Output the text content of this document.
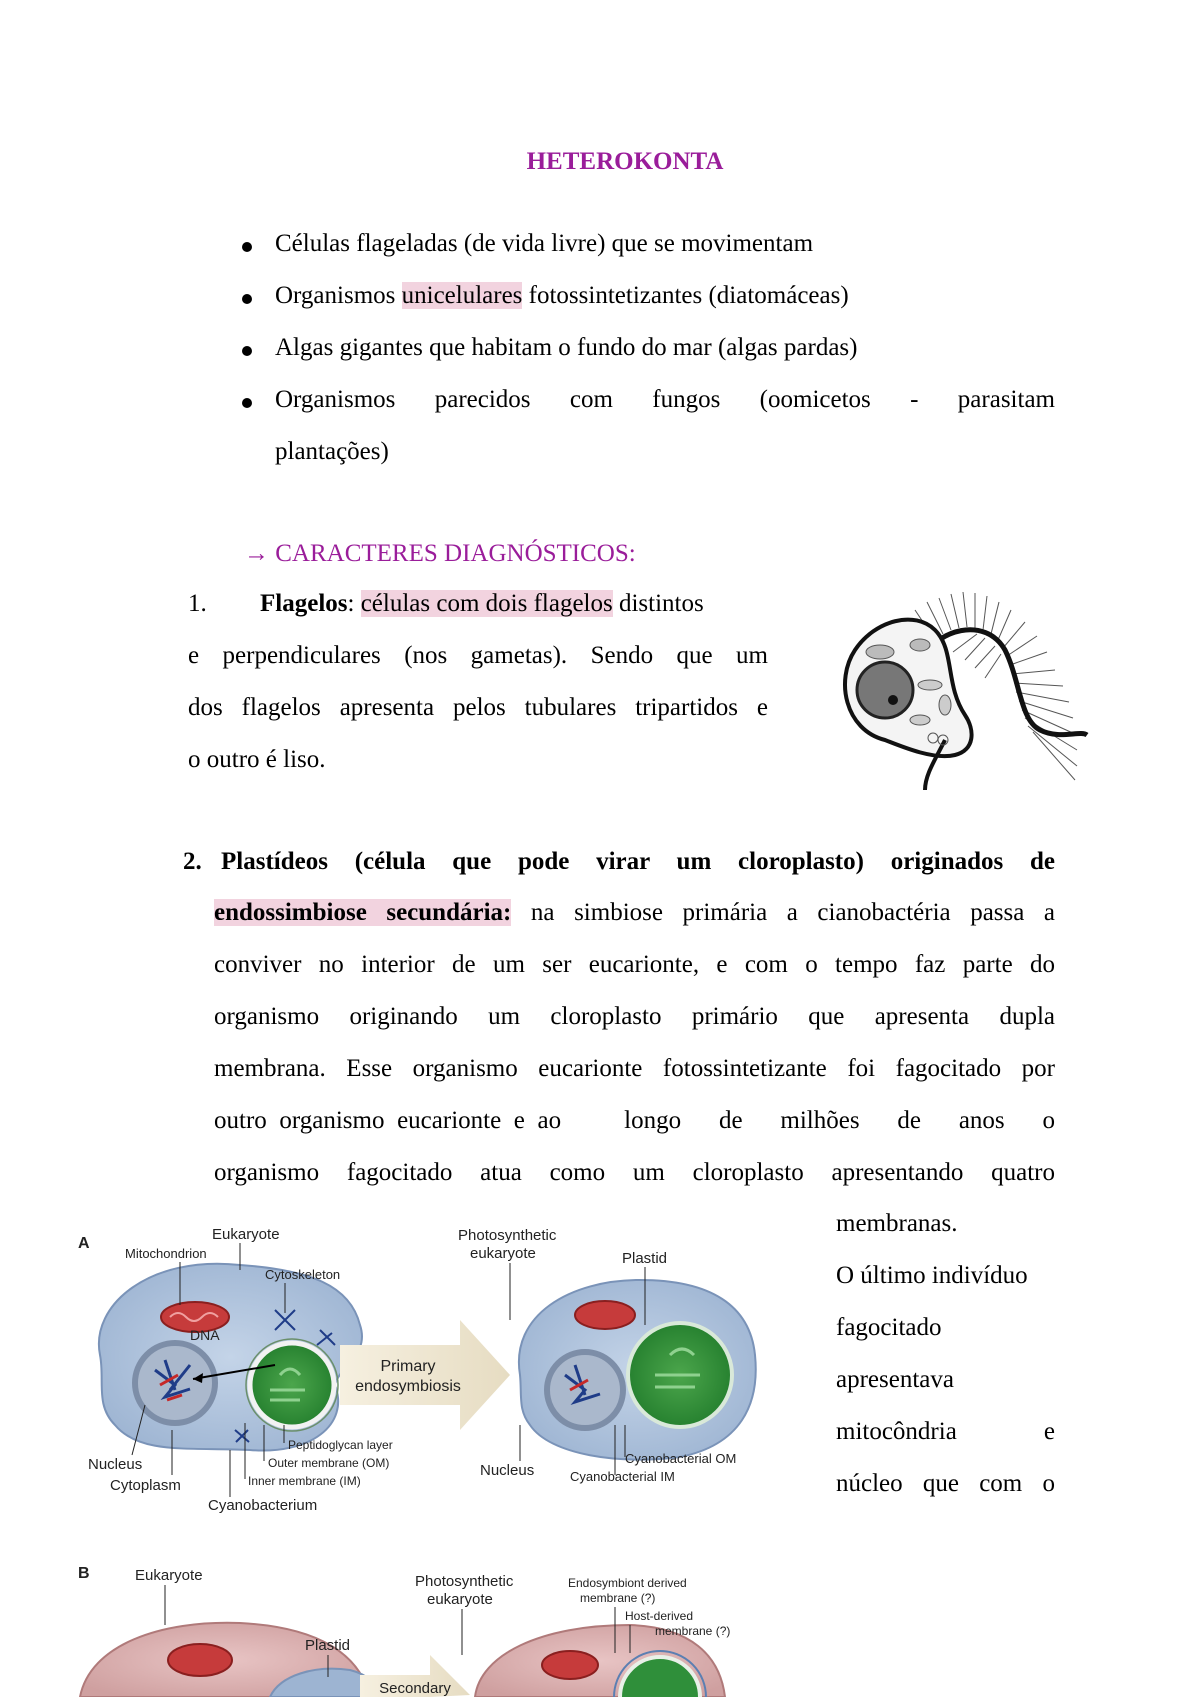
HETEROKONTA
Células flageladas (de vida livre) que se movimentam
Organismos unicelulares fotossintetizantes (diatomáceas)
Algas gigantes que habitam o fundo do mar (algas pardas)
Organismos parecidos com fungos (oomicetos - parasitam
plantações)
→ CARACTERES DIAGNÓSTICOS:
1. Flagelos: células com dois flagelos distintos
e perpendiculares (nos gametas). Sendo que um
dos flagelos apresenta pelos tubulares tripartidos e
o outro é liso.
2. Plastídeos (célula que pode virar um cloroplasto) originados de
endossimbiose secundária: na simbiose primária a cianobactéria passa a
conviver no interior de um ser eucarionte, e com o tempo faz parte do
organismo originando um cloroplasto primário que apresenta dupla
membrana. Esse organismo eucarionte fotossintetizante foi fagocitado por
outro organismo eucarionte e ao     longo   de   milhões   de   anos   o
organismo fagocitado atua como um cloroplasto apresentando quatro
membranas.
O último indivíduo
fagocitado
apresentava
mitocôndria e
núcleo que com o
A
Eukaryote
Mitochondrion
Cytoskeleton
DNA
Nucleus
Cytoplasm
Peptidoglycan layer
Outer membrane (OM)
Inner membrane (IM)
Cyanobacterium
Primary
endosymbiosis
Photosynthetic
eukaryote	Plastid
Nucleus
Cyanobacterial OM
Cyanobacterial IM
B	Eukaryote
Plastid
Secondary
Photosynthetic
eukaryote
Endosymbiont derived
membrane (?)
Host-derived
membrane (?)
